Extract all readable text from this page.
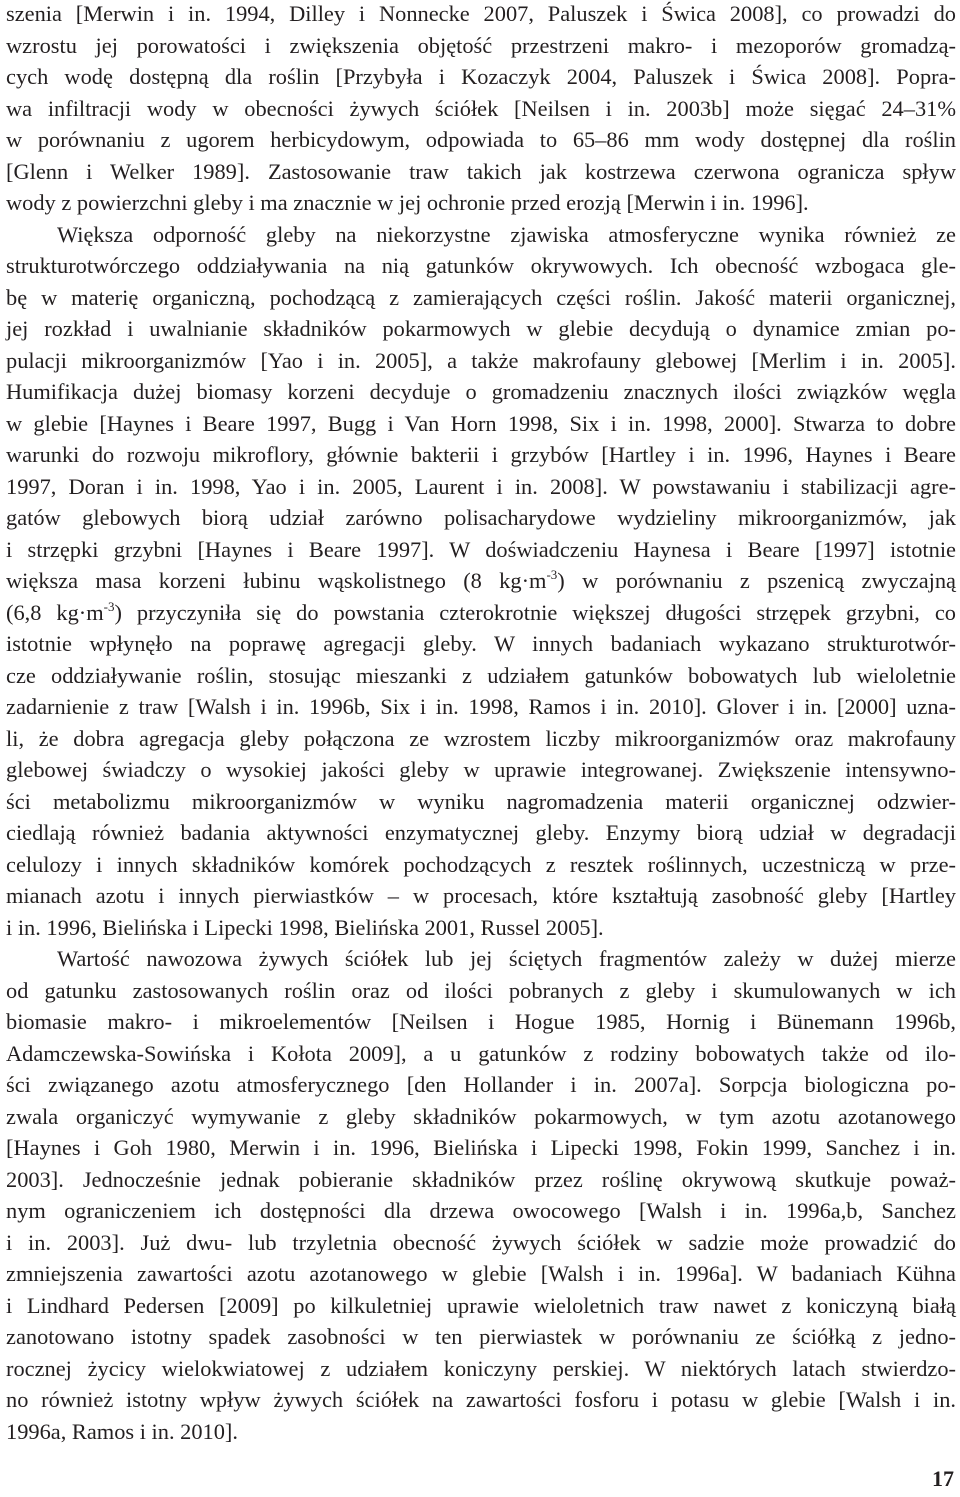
szenia [Merwin i in. 1994, Dilley i Nonnecke 2007, Paluszek i Świca 2008], co prowadzi do
wzrostu jej porowatości i zwiększenia objętość przestrzeni makro- i mezoporów gromadzą-
cych wodę dostępną dla roślin [Przybyła i Kozaczyk 2004, Paluszek i Świca 2008]. Popra-
wa infiltracji wody w obecności żywych ściółek [Neilsen i in. 2003b] może sięgać 24–31%
w porównaniu z ugorem herbicydowym, odpowiada to 65–86 mm wody dostępnej dla roślin
[Glenn i Welker 1989]. Zastosowanie traw takich jak kostrzewa czerwona ogranicza spływ
wody z powierzchni gleby i ma znacznie w jej ochronie przed erozją [Merwin i in. 1996].
Większa odporność gleby na niekorzystne zjawiska atmosferyczne wynika również ze
strukturotwórczego oddziaływania na nią gatunków okrywowych. Ich obecność wzbogaca gle-
bę w materię organiczną, pochodzącą z zamierających części roślin. Jakość materii organicznej,
jej rozkład i uwalnianie składników pokarmowych w glebie decydują o dynamice zmian po-
pulacji mikroorganizmów [Yao i in. 2005], a także makrofauny glebowej [Merlim i in. 2005].
Humifikacja dużej biomasy korzeni decyduje o gromadzeniu znacznych ilości związków węgla
w glebie [Haynes i Beare 1997, Bugg i Van Horn 1998, Six i in. 1998, 2000]. Stwarza to dobre
warunki do rozwoju mikroflory, głównie bakterii i grzybów [Hartley i in. 1996, Haynes i Beare
1997, Doran i in. 1998, Yao i in. 2005, Laurent i in. 2008]. W powstawaniu i stabilizacji agre-
gatów glebowych biorą udział zarówno polisacharydowe wydzieliny mikroorganizmów, jak
i strzępki grzybni [Haynes i Beare 1997]. W doświadczeniu Haynesa i Beare [1997] istotnie
większa masa korzeni łubinu wąskolistnego (8 $kg\cdot m^{-3}$) w porównaniu z pszenicą zwyczajną
(6,8 $kg\cdot m^{-3}$) przyczyniła się do powstania czterokrotnie większej długości strzępek grzybni, co
istotnie wpłynęło na poprawę agregacji gleby. W innych badaniach wykazano strukturotwór-
cze oddziaływanie roślin, stosując mieszanki z udziałem gatunków bobowatych lub wieloletnie
zadarnienie z traw [Walsh i in. 1996b, Six i in. 1998, Ramos i in. 2010]. Glover i in. [2000] uzna-
li, że dobra agregacja gleby połączona ze wzrostem liczby mikroorganizmów oraz makrofauny
glebowej świadczy o wysokiej jakości gleby w uprawie integrowanej. Zwiększenie intensywno-
ści metabolizmu mikroorganizmów w wyniku nagromadzenia materii organicznej odzwier-
ciedlają również badania aktywności enzymatycznej gleby. Enzymy biorą udział w degradacji
celulozy i innych składników komórek pochodzących z resztek roślinnych, uczestniczą w prze-
mianach azotu i innych pierwiastków – w procesach, które kształtują zasobność gleby [Hartley
i in. 1996, Bielińska i Lipecki 1998, Bielińska 2001, Russel 2005].
Wartość nawozowa żywych ściółek lub jej ściętych fragmentów zależy w dużej mierze
od gatunku zastosowanych roślin oraz od ilości pobranych z gleby i skumulowanych w ich
biomasie makro- i mikroelementów [Neilsen i Hogue 1985, Hornig i Bünemann 1996b,
Adamczewska-Sowińska i Kołota 2009], a u gatunków z rodziny bobowatych także od ilo-
ści związanego azotu atmosferycznego [den Hollander i in. 2007a]. Sorpcja biologiczna po-
zwala organiczyć wymywanie z gleby składników pokarmowych, w tym azotu azotanowego
[Haynes i Goh 1980, Merwin i in. 1996, Bielińska i Lipecki 1998, Fokin 1999, Sanchez i in.
2003]. Jednocześnie jednak pobieranie składników przez roślinę okrywową skutkuje poważ-
nym ograniczeniem ich dostępności dla drzewa owocowego [Walsh i in. 1996a,b, Sanchez
i in. 2003]. Już dwu- lub trzyletnia obecność żywych ściółek w sadzie może prowadzić do
zmniejszenia zawartości azotu azotanowego w glebie [Walsh i in. 1996a]. W badaniach Kühna
i Lindhard Pedersen [2009] po kilkuletniej uprawie wieloletnich traw nawet z koniczyną białą
zanotowano istotny spadek zasobności w ten pierwiastek w porównaniu ze ściółką z jedno-
rocznej życicy wielokwiatowej z udziałem koniczyny perskiej. W niektórych latach stwierdzo-
no również istotny wpływ żywych ściółek na zawartości fosforu i potasu w glebie [Walsh i in.
1996a, Ramos i in. 2010].
17
